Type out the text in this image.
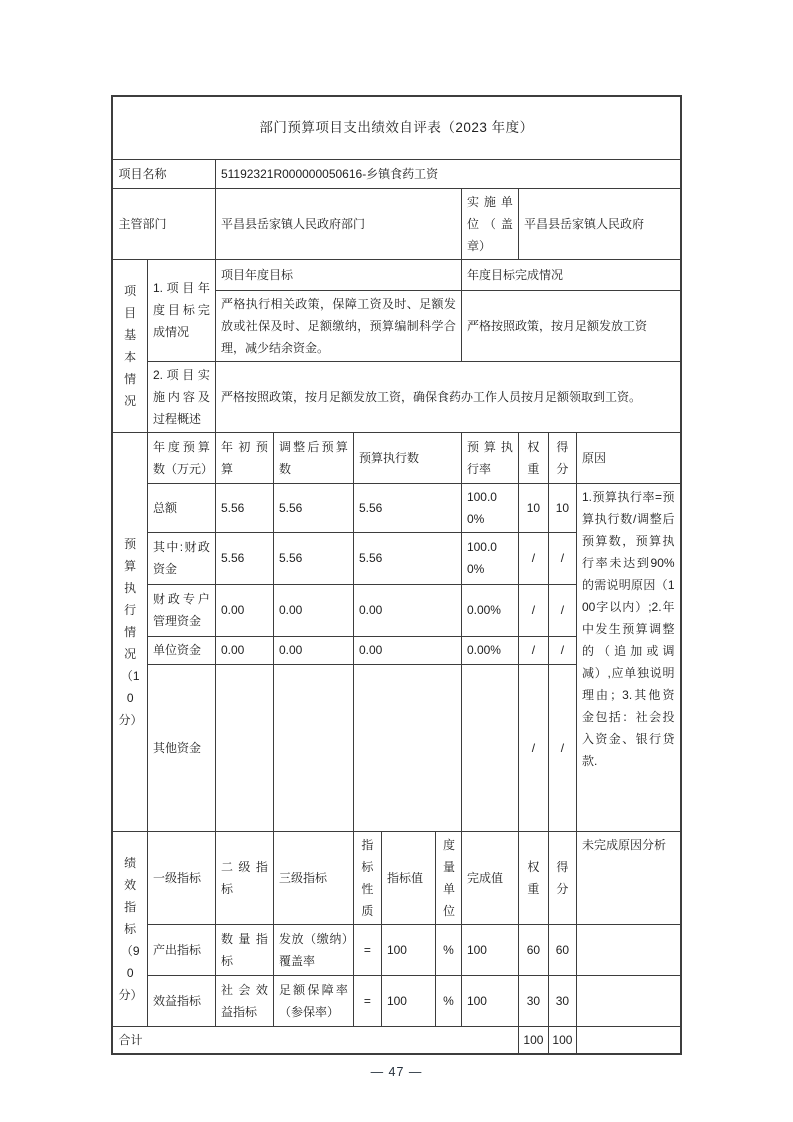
部门预算项目支出绩效自评表（2023 年度）										
项目名称		51192321R000000050616-乡镇食药工资								
主管部门		平昌县岳家镇人民政府部门					实施单位（盖章）	平昌县岳家镇人民政府		
项目基本情况	1.项目年度目标完成情况	项目年度目标					年度目标完成情况			
		严格执行相关政策，保障工资及时、足额发放或社保及时、足额缴纳，预算编制科学合理，减少结余资金。					严格按照政策，按月足额发放工资			
	2.项目实施内容及过程概述	严格按照政策，按月足额发放工资，确保食药办工作人员按月足额领取到工资。								
预算执行情况（10分）	年度预算数（万元）	年初预算	调整后预算数	预算执行数			预算执行率	权重	得分	原因
	总额	5.56	5.56	5.56			100.00%	10	10	1.预算执行率=预算执行数/调整后预算数，预算执行率未达到90%的需说明原因（100字以内）;2.年中发生预算调整的（追加或调减）,应单独说明理由；3.其他资金包括：社会投入资金、银行贷款.
	其中:财政资金	5.56	5.56	5.56			100.00%	/	/	
	财政专户管理资金	0.00	0.00	0.00			0.00%	/	/	
	单位资金	0.00	0.00	0.00			0.00%	/	/	
	其他资金							/	/	
绩效指标（90分）	一级指标	二级指标	三级指标	指标性质	指标值	度量单位	完成值	权重	得分	未完成原因分析
	产出指标	数量指标	发放（缴纳）覆盖率	=	100	%	100	60	60	
	效益指标	社会效益指标	足额保障率（参保率）	=	100	%	100	30	30	
合计								100	100	
— 47 —
